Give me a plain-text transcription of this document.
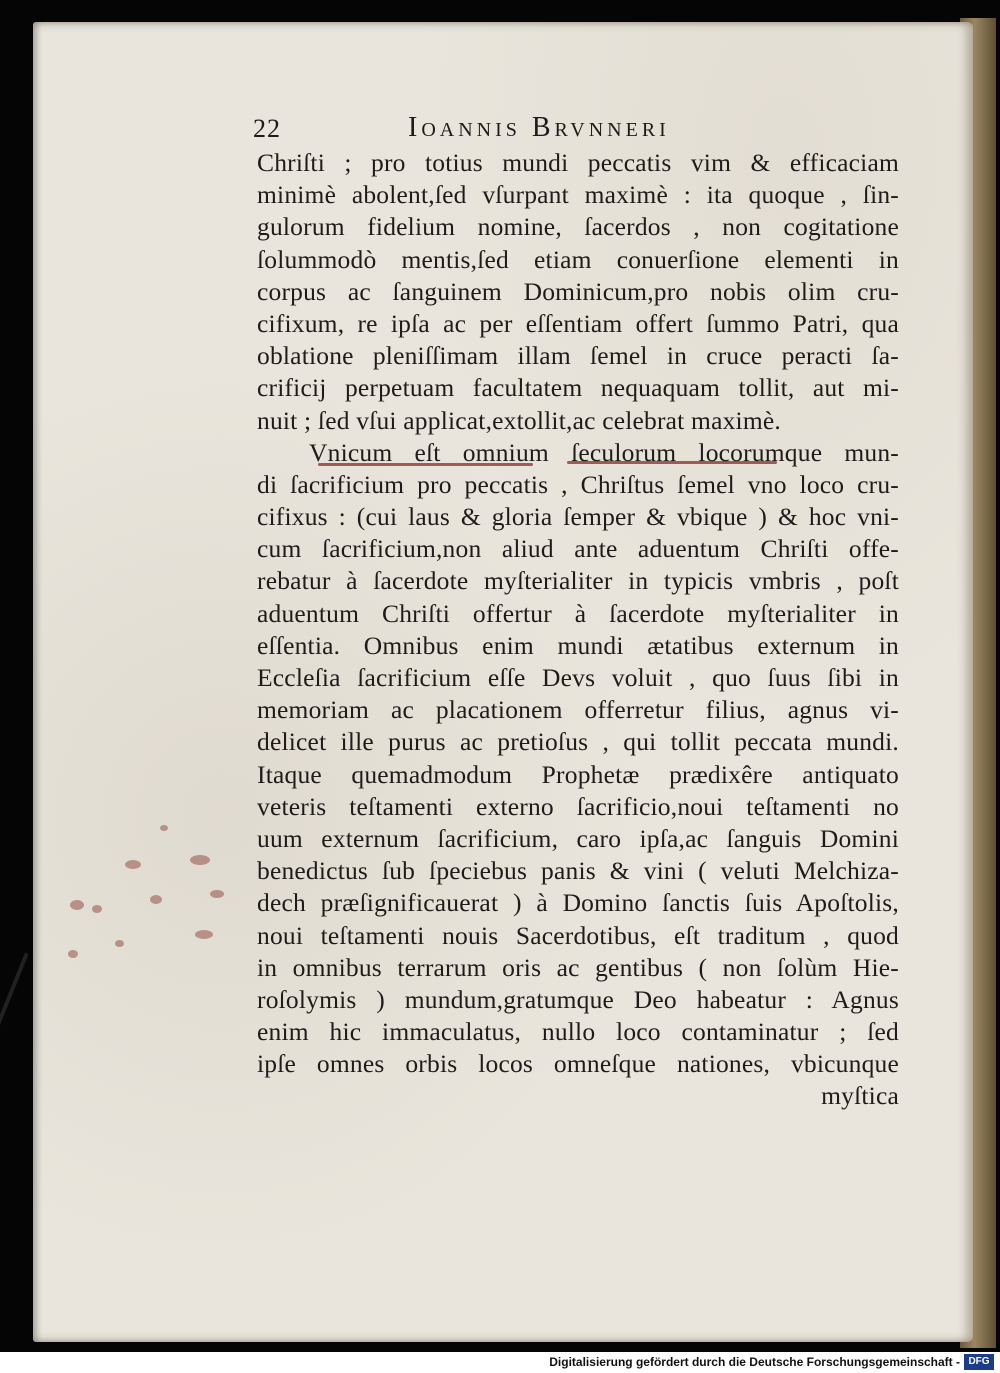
22	Ioannis Brvnneri
Chriſti ; pro totius mundi peccatis vim & efficaciam
minimè abolent,ſed vſurpant maximè : ita quoque , ſin-
gulorum fidelium nomine, ſacerdos , non cogitatione
ſolummodò mentis,ſed etiam conuerſione elementi in
corpus ac ſanguinem Dominicum,pro nobis olim cru-
cifixum, re ipſa ac per eſſentiam offert ſummo Patri, qua
oblatione pleniſſimam illam ſemel in cruce peracti ſa-
crificij perpetuam facultatem nequaquam tollit, aut mi-
nuit ; ſed vſui applicat,extollit,ac celebrat maximè.
Vnicum eſt omnium ſeculorum locorumque mun-
di ſacrificium pro peccatis , Chriſtus ſemel vno loco cru-
cifixus : (cui laus & gloria ſemper & vbique ) & hoc vni-
cum ſacrificium,non aliud ante aduentum Chriſti offe-
rebatur à ſacerdote myſterialiter in typicis vmbris , poſt
aduentum Chriſti offertur à ſacerdote myſterialiter in
eſſentia. Omnibus enim mundi ætatibus externum in
Eccleſia ſacrificium eſſe Devs voluit , quo ſuus ſibi in
memoriam ac placationem offerretur filius, agnus vi-
delicet ille purus ac pretioſus , qui tollit peccata mundi.
Itaque quemadmodum Prophetæ prædixêre antiquato
veteris teſtamenti externo ſacrificio,noui teſtamenti no
uum externum ſacrificium, caro ipſa,ac ſanguis Domini
benedictus ſub ſpeciebus panis & vini ( veluti Melchiza-
dech præſignificauerat ) à Domino ſanctis ſuis Apoſtolis,
noui teſtamenti nouis Sacerdotibus, eſt traditum , quod
in omnibus terrarum oris ac gentibus ( non ſolùm Hie-
roſolymis ) mundum,gratumque Deo habeatur : Agnus
enim hic immaculatus, nullo loco contaminatur ; ſed
ipſe omnes orbis locos omneſque nationes, vbicunque
myſtica
Digitalisierung gefördert durch die Deutsche Forschungsgemeinschaft - DFG
